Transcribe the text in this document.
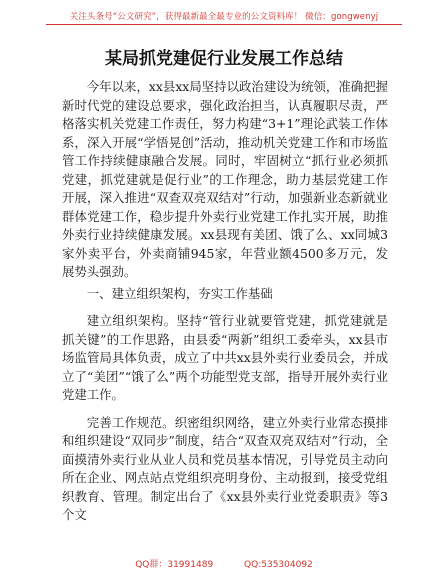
关注头条号“公文研究”，获得最新最全最专业的公文资料库！ 微信：gongwenyj
某局抓党建促行业发展工作总结

今年以来，xx县xx局坚持以政治建设为统领，准确把握新时代党的建设总要求，强化政治担当，认真履职尽责，严格落实机关党建工作责任，努力构建“3+1”理论武装工作体系，深入开展“学悟晃创”活动，推动机关党建工作和市场监管工作持续健康融合发展。同时，牢固树立“抓行业必须抓党建，抓党建就是促行业”的工作理念，助力基层党建工作开展，深入推进“双查双亮双结对”行动，加强新业态新就业群体党建工作，稳步提升外卖行业党建工作扎实开展，助推外卖行业持续健康发展。xx县现有美团、饿了么、xx同城3家外卖平台，外卖商铺945家，年营业额4500多万元，发展势头强劲。

一、建立组织架构，夯实工作基础

建立组织架构。坚持“管行业就要管党建，抓党建就是抓关键”的工作思路，由县委“两新”组织工委牵头，xx县市场监管局具体负责，成立了中共xx县外卖行业委员会，并成立了“美团”“饿了么”两个功能型党支部，指导开展外卖行业党建工作。

完善工作规范。织密组织网络，建立外卖行业常态摸排和组织建设“双同步”制度，结合“双查双亮双结对”行动，全面摸清外卖行业从业人员和党员基本情况，引导党员主动向所在企业、网点站点党组织亮明身份、主动报到，接受党组织教育、管理。制定出台了《xx县外卖行业党委职责》等3个文

QQ群：31991489	QQ:535304092
